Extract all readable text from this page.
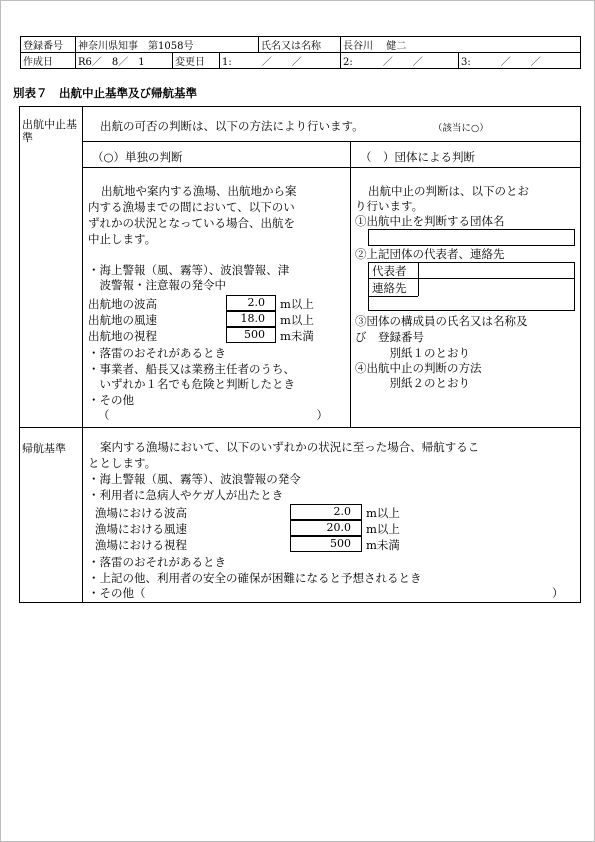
登録番号	神奈川県知事　第1058号			氏名又は名称	長谷川　 健二	
作成日	R6／　8／　1	変更日	1:　　　／　　／		2:　　　／　　／	3:　　　／　　／
別表７　出航中止基準及び帰航基準
出航中止基準
出航の可否の判断は、以下の方法により行います。	（該当に○）
（○）単独の判断	（　）団体による判断
出航地や案内する漁場、出航地から案
内する漁場までの間において、以下のい
ずれかの状況となっている場合、出航を
中止します。
・海上警報（風、霧等）、波浪警報、津
　波警報・注意報の発令中
出航地の波高	2.0	m以上
出航地の風速	18.0	m以上
出航地の視程	500	m未満
・落雷のおそれがあるとき
・事業者、船長又は業務主任者のうち、
　いずれか１名でも危険と判断したとき
・その他
（　　　　　　　　　　　　　　　　　　）
出航中止の判断は、以下のとお
り行います。
①出航中止を判断する団体名
②上記団体の代表者、連絡先
代表者
連絡先
③団体の構成員の氏名又は名称及
び　登録番号
　　　別紙１のとおり
④出航中止の判断の方法
　　　別紙２のとおり
帰航基準	案内する漁場において、以下のいずれかの状況に至った場合、帰航するこ
ととします。
・海上警報（風、霧等）、波浪警報の発令
・利用者に急病人やケガ人が出たとき
漁場における波高	2.0	m以上
漁場における風速	20.0	m以上
漁場における視程	500	m未満
・落雷のおそれがあるとき
・上記の他、利用者の安全の確保が困難になると予想されるとき
・その他（	）
